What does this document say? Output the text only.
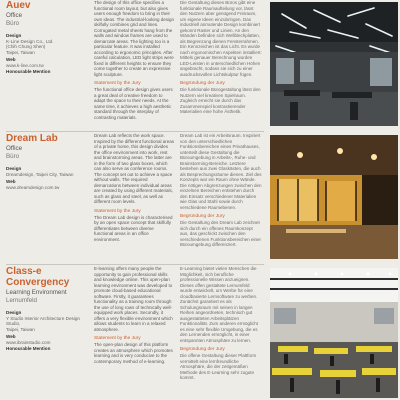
Auev
Office
Büro
Design
K-Line Design Co., Ltd.
(Chih Chung Shen)
Taipei, Taiwan
Web
www.k-line.com.tw
Honourable Mention

The design of this office specifies a functional room layout, but also gives users enough freedom to bring in their own ideas. The industrial-looking design skilfully combines grid and lines. Corrugated metal sheets hang from the walls and window frames are used to demarcate areas. The lighting too is a particular feature. It was installed according to ergonomic principles. After careful calculation, LED light strips were fixed in different heights to ensure they come together to create an expressive light sculpture.

Statement by the Jury

The functional office design gives users a great deal of creative freedom to adapt the space to their needs. At the same time, it achieves a high aesthetic standard through the interplay of contrasting materials.

Die Gestaltung dieses Büros gibt eine funktionale Raumaufteilung vor, lässt den Nutzern aber genügend Freiraum, um eigene Ideen einzubringen. Das industriell anmutende Design kombiniert gekonnt Raster und Linien. An den Wänden befinden sich Wellblechplatten, als Begrenzung dienen Fensterrahmen. Ein Kennzeichen ist das Licht. Es wurde nach ergonomischen Aspekten installiert: Mittels genauer Berechnung wurden LED-Leisten in unterschiedlichen Höhen angebracht, sodass sie sich zu einer ausdrucksvollen Lichtskulptur fügen.

Begründung der Jury

Die funktionale Bürogestaltung lässt den Nutzern viel kreativen Spielraum. Zugleich erreicht sie durch das Zusammenspiel kontrastierender Materialien eine hohe Ästhetik.

Dream Lab
Office
Büro
Design
Dreamdesign, Taipei City, Taiwan
Web
www.dreamdesign.com.tw

Dream Lab reflects the work space. Inspired by the different functional areas of a private home, this design divides the office environment into work, rest and brainstorming areas. The latter are in the form of two glass boxes, which can also serve as conference rooms. The concept set out to achieve a space without walls. The required demarcations between individual areas are created by using different materials, such as glass and steel, as well as different room levels.

Statement by the Jury

The Dream Lab design is characterised by an open space concept that skilfully differentiates between diverse functional areas in an office environment.

Dream Lab ist ein Arbeitsraum. Inspiriert von den unterschiedlichen Funktionsbereichen eines Privathauses, unterteilt diese Gestaltung die Büroumgebung in Arbeits-, Ruhe- und Brainstorming-Bereiche. Letztere bestehen aus zwei Glaskästen, die auch als Besprechungsräume dienen. Ziel des Konzepts war ein Raum ohne Wände. Die nötigen Abgrenzungen zwischen den einzelnen Bereichen entstehen durch den Einsatz verschiedener Materialien wie Glas und Stahl sowie durch verschiedene Raumebenen.

Begründung der Jury

Die Gestaltung des Dream Lab zeichnet sich durch ein offenes Raumkonzept aus, das geschickt zwischen den verschiedenen Funktionsbereichen einer Büroumgebung differenziert.

Class-e Convergency
Learning Environment
Lernumfeld
Design
Y Studio Interior Architecture Design Studio,
Taipei, Taiwan
Web
www.ibrainstudio.com
Honourable Mention

E-learning offers many people the opportunity to gain professional skills and knowledge online. This open-plan learning environment was developed to promote cloud-based educational software. Firstly, it guarantees functionality as a training room through the use of long rows of technically well-equipped work places. Secondly, it offers a very flexible environment which allows students to learn in a relaxed atmosphere.

Statement by the Jury

The open-plan design of this platform creates an atmosphere which promotes learning and is very conducive to the contemporary method of e-learning.

E-Learning bietet vielen Menschen die Möglichkeit, sich berufliche professionelle Wissen anzueignen. Dieses offen gestaltete Lernumfeld wurde entwickelt, um Werbe für eine cloudbasierte Lernsoftware zu werben. Zunächst garantiert es als Schulungsraum mit seinen in langen Reihen angeordneten, technisch gut ausgestatteten Arbeitsplätzen Funktionalität. Zum anderen ermöglicht es eine sehr flexible Umgebung, die es den Lernenden ermöglicht, in einer entspannten Atmosphäre zu lernen.

Begründung der Jury

Die offene Gestaltung dieser Plattform vermittelt eine lernfreundliche Atmosphäre, die der zeitgemäßen Methode des E-Learning sehr zugute kommt.
